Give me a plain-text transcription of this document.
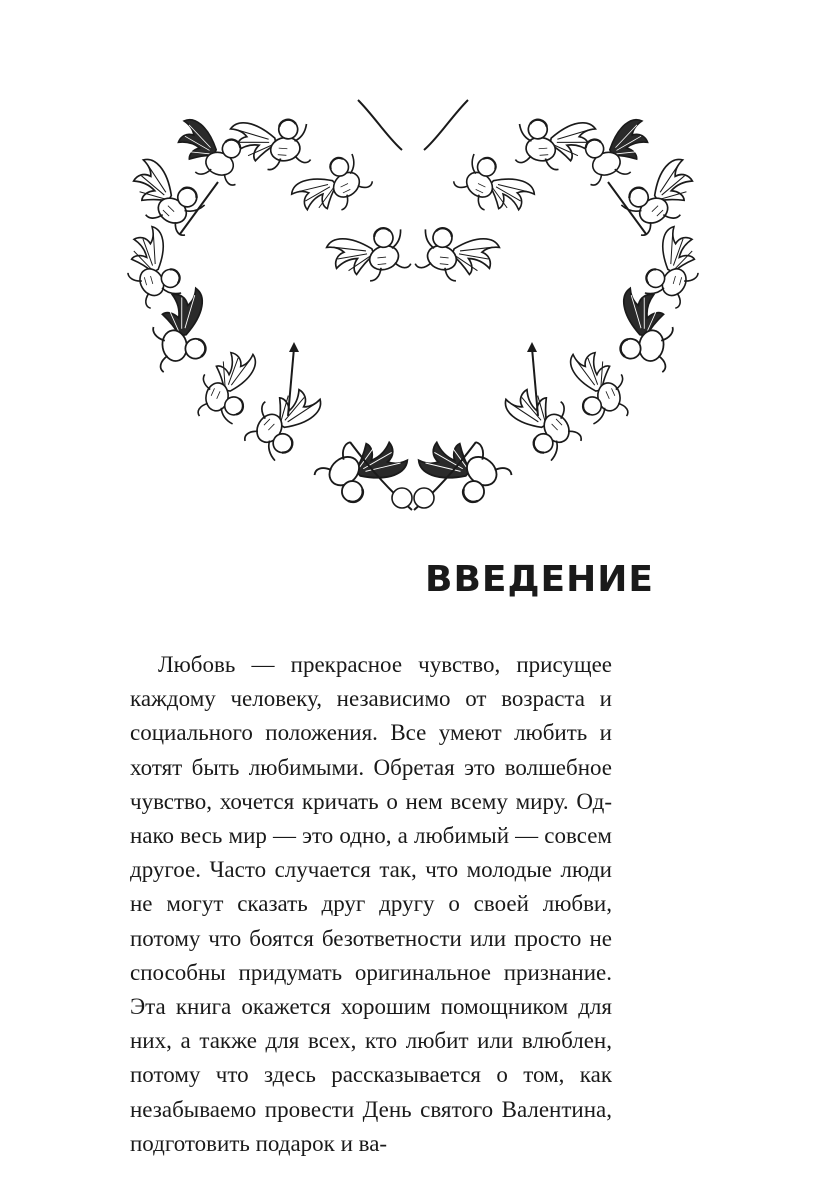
ВВЕДЕНИЕ

Любовь — прекрасное чувство, присущее каждому человеку, независимо от возраста и социального положения. Все умеют любить и хотят быть любимыми. Обретая это волшебное чувство, хочется кричать о нем всему миру. Однако весь мир — это одно, а любимый — совсем другое. Часто случается так, что молодые люди не могут сказать друг другу о своей любви, потому что боятся безответности или просто не способны придумать оригинальное признание. Эта книга окажется хорошим помощником для них, а также для всех, кто любит или влюблен, потому что здесь рассказывается о том, как незабываемо провести День святого Валентина, подготовить подарок и ва-
